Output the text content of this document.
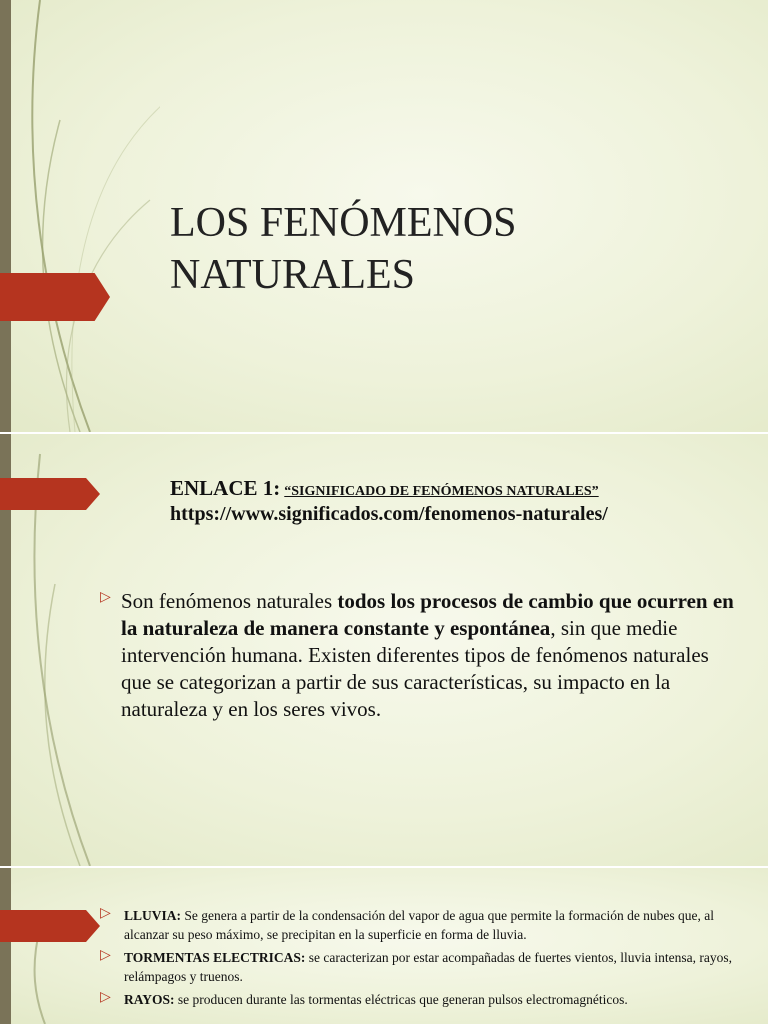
LOS FENÓMENOS
NATURALES
ENLACE 1: “SIGNIFICADO DE FENÓMENOS NATURALES”
https://www.significados.com/fenomenos-naturales/
▷ Son fenómenos naturales todos los procesos de cambio que ocurren en la naturaleza de manera constante y espontánea, sin que medie intervención humana. Existen diferentes tipos de fenómenos naturales que se categorizan a partir de sus características, su impacto en la naturaleza y en los seres vivos.
▷ LLUVIA: Se genera a partir de la condensación del vapor de agua que permite la formación de nubes que, al alcanzar su peso máximo, se precipitan en la superficie en forma de lluvia.
▷ TORMENTAS ELECTRICAS: se caracterizan por estar acompañadas de fuertes vientos, lluvia intensa, rayos, relámpagos y truenos.
▷ RAYOS: se producen durante las tormentas eléctricas que generan pulsos electromagnéticos.
